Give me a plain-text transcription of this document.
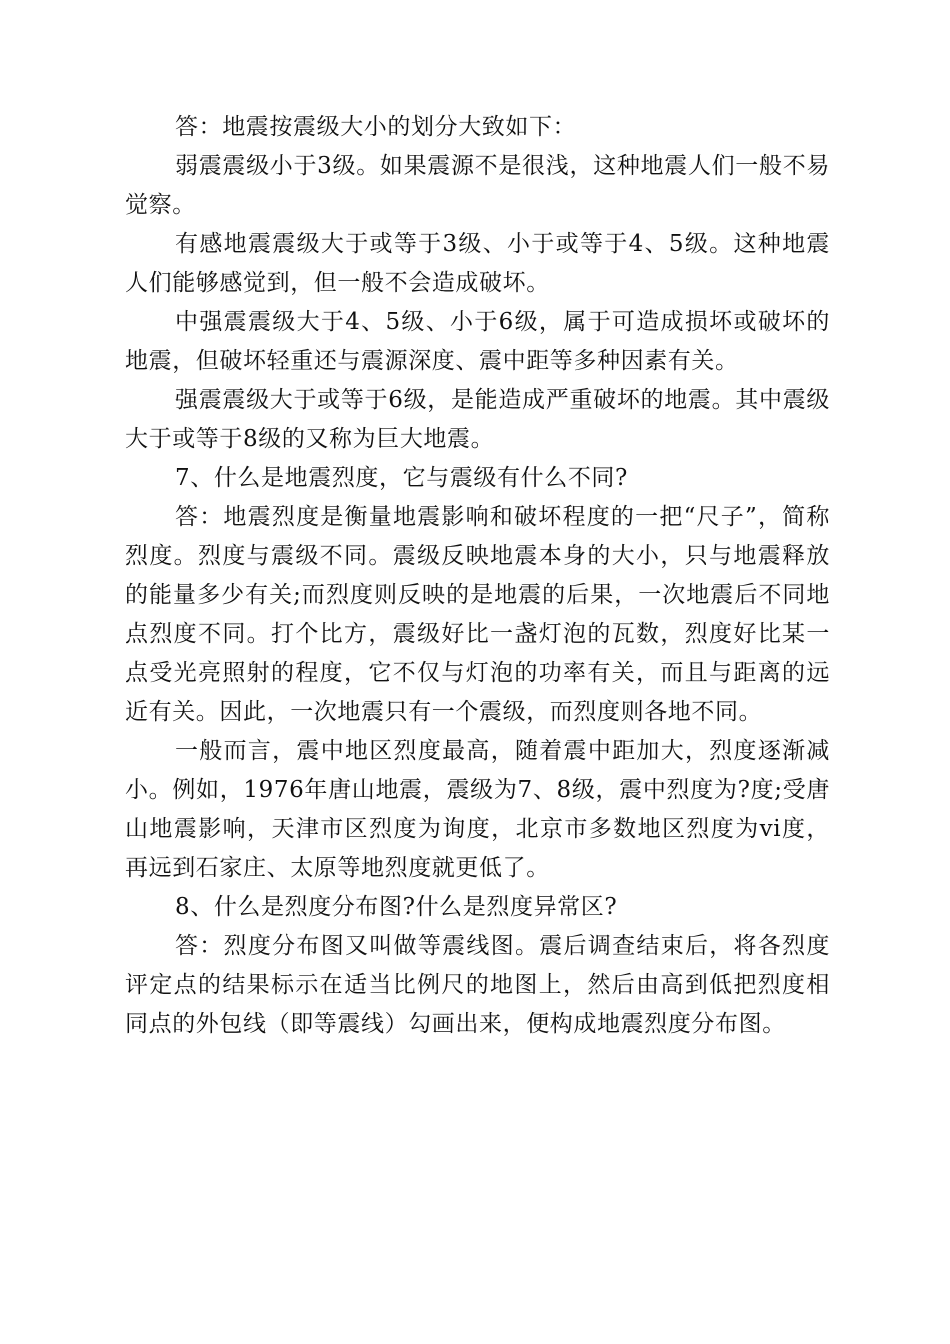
答：地震按震级大小的划分大致如下：

弱震震级小于3级。如果震源不是很浅，这种地震人们一般不易觉察。

有感地震震级大于或等于3级、小于或等于4、5级。这种地震人们能够感觉到，但一般不会造成破坏。

中强震震级大于4、5级、小于6级，属于可造成损坏或破坏的地震，但破坏轻重还与震源深度、震中距等多种因素有关。

强震震级大于或等于6级，是能造成严重破坏的地震。其中震级大于或等于8级的又称为巨大地震。

7、什么是地震烈度，它与震级有什么不同?

答：地震烈度是衡量地震影响和破坏程度的一把“尺子”，简称烈度。烈度与震级不同。震级反映地震本身的大小，只与地震释放的能量多少有关;而烈度则反映的是地震的后果，一次地震后不同地点烈度不同。打个比方，震级好比一盏灯泡的瓦数，烈度好比某一点受光亮照射的程度，它不仅与灯泡的功率有关，而且与距离的远近有关。因此，一次地震只有一个震级，而烈度则各地不同。

一般而言，震中地区烈度最高，随着震中距加大，烈度逐渐减小。例如，1976年唐山地震，震级为7、8级，震中烈度为?度;受唐山地震影响，天津市区烈度为询度，北京市多数地区烈度为vi度，再远到石家庄、太原等地烈度就更低了。

8、什么是烈度分布图?什么是烈度异常区?

答：烈度分布图又叫做等震线图。震后调查结束后，将各烈度评定点的结果标示在适当比例尺的地图上，然后由高到低把烈度相同点的外包线（即等震线）勾画出来，便构成地震烈度分布图。
